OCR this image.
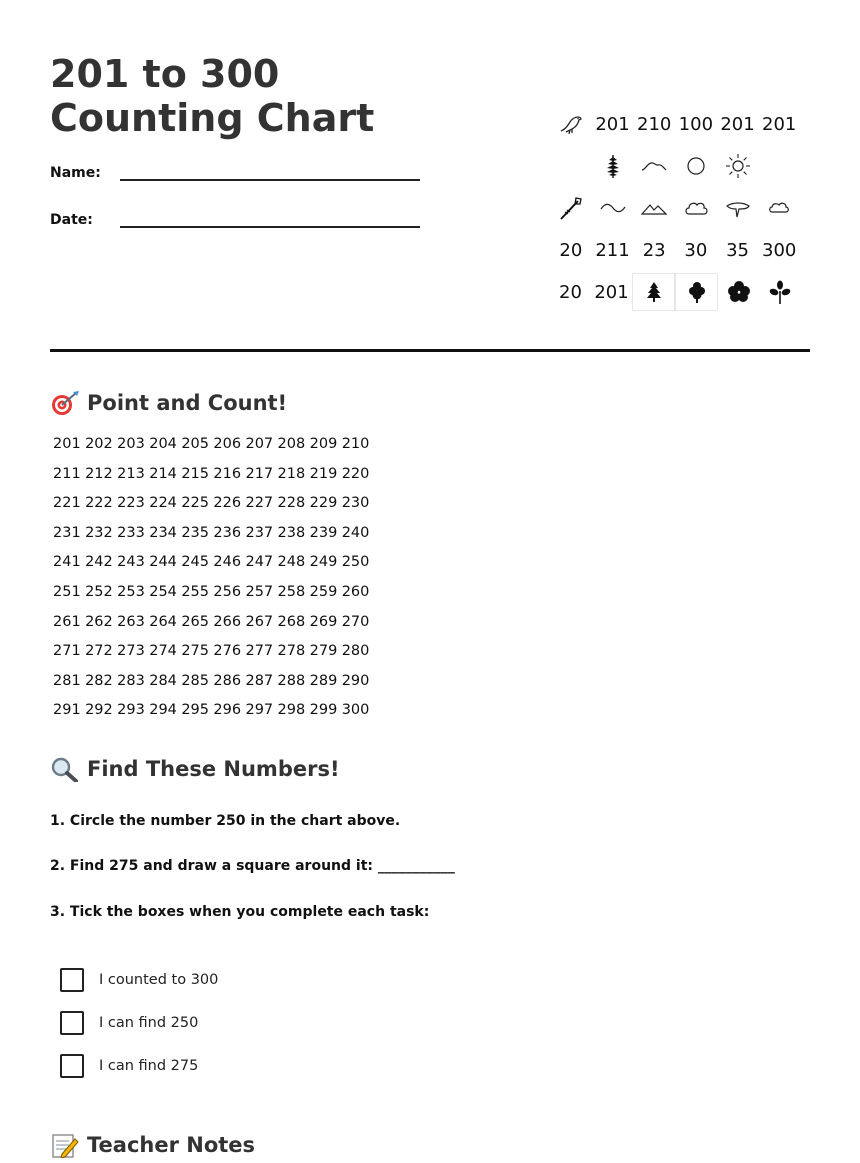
201 to 300 Counting Chart
Name:
Date:
201 210 100 201 201
20 211 23	30	35 300
20 201
Point and Count!
201 202 203 204 205 206 207 208 209 210
211 212 213 214 215 216 217 218 219 220
221 222 223 224 225 226 227 228 229 230
231 232 233 234 235 236 237 238 239 240
241 242 243 244 245 246 247 248 249 250
251 252 253 254 255 256 257 258 259 260
261 262 263 264 265 266 267 268 269 270
271 272 273 274 275 276 277 278 279 280
281 282 283 284 285 286 287 288 289 290
291 292 293 294 295 296 297 298 299 300
Find These Numbers!
1. Circle the number 250 in the chart above.
2. Find 275 and draw a square around it: ___________
3. Tick the boxes when you complete each task:
I counted to 300
I can find 250
I can find 275
Teacher Notes
